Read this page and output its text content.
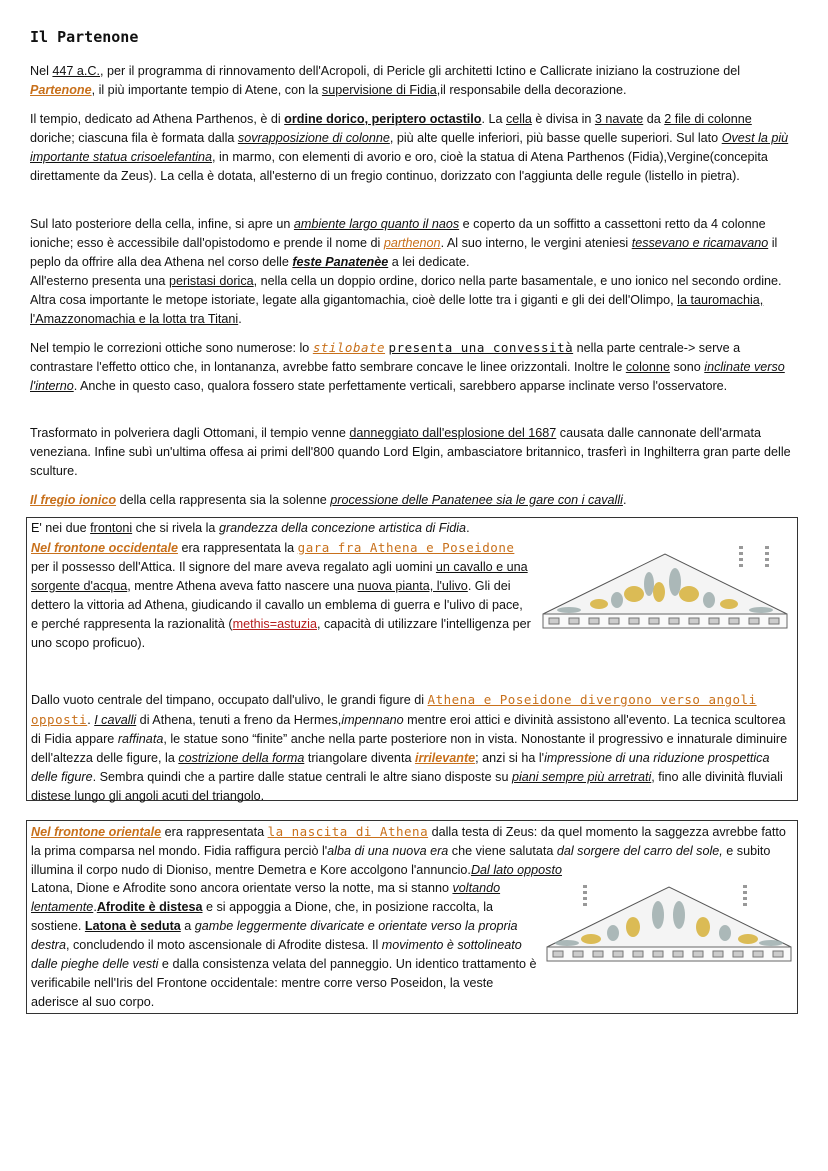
Il Partenone

Nel 447 a.C., per il programma di rinnovamento dell'Acropoli, di Pericle gli architetti Ictino e Callicrate iniziano la costruzione del Partenone, il più importante tempio di Atene, con la supervisione di Fidia,il responsabile della decorazione.

Il tempio, dedicato ad Athena Parthenos, è di ordine dorico, periptero octastilo. La cella è divisa in 3 navate da 2 file di colonne doriche; ciascuna fila è formata dalla sovrapposizione di colonne, più alte quelle inferiori, più basse quelle superiori. Sul lato Ovest la più importante statua crisoelefantina, in marmo, con elementi di avorio e oro, cioè la statua di Atena Parthenos (Fidia),Vergine(concepita direttamente da Zeus). La cella è dotata, all'esterno di un fregio continuo, dorizzato con l'aggiunta delle regule (listello in pietra).

Sul lato posteriore della cella, infine, si apre un ambiente largo quanto il naos e coperto da un soffitto a cassettoni retto da 4 colonne ioniche; esso è accessibile dall'opistodomo e prende il nome di parthenon. Al suo interno, le vergini ateniesi tessevano e ricamavano il peplo da offrire alla dea Athena nel corso delle feste Panatenèe a lei dedicate.
All'esterno presenta una peristasi dorica, nella cella un doppio ordine, dorico nella parte basamentale, e uno ionico nel secondo ordine. Altra cosa importante le metope istoriate, legate alla gigantomachia, cioè delle lotte tra i giganti e gli dei dell'Olimpo, la tauromachia, l'Amazzonomachia e la lotta tra Titani.

Nel tempio le correzioni ottiche sono numerose: lo stilobate presenta una convessità nella parte centrale-> serve a contrastare l'effetto ottico che, in lontananza, avrebbe fatto sembrare concave le linee orizzontali. Inoltre le colonne sono inclinate verso l'interno. Anche in questo caso, qualora fossero state perfettamente verticali, sarebbero apparse inclinate verso l'osservatore.

Trasformato in polveriera dagli Ottomani, il tempio venne danneggiato dall'esplosione del 1687 causata dalle cannonate dell'armata veneziana. Infine subì un'ultima offesa ai primi dell'800 quando Lord Elgin, ambasciatore britannico, trasferì in Inghilterra gran parte delle sculture.

Il fregio ionico della cella rappresenta sia la solenne processione delle Panatenee sia le gare con i cavalli.

E' nei due frontoni che si rivela la grandezza della concezione artistica di Fidia.
Nel frontone occidentale era rappresentata la gara fra Athena e Poseidone per il possesso dell'Attica. Il signore del mare aveva regalato agli uomini un cavallo e una sorgente d'acqua, mentre Athena aveva fatto nascere una nuova pianta, l'ulivo. Gli dei dettero la vittoria ad Athena, giudicando il cavallo un emblema di guerra e l'ulivo di pace, e perché rappresenta la razionalità (methis=astuzia, capacità di utilizzare l'intelligenza per uno scopo proficuo).

Dallo vuoto centrale del timpano, occupato dall'ulivo, le grandi figure di Athena e Poseidone divergono verso angoli opposti. I cavalli di Athena, tenuti a freno da Hermes,impennano mentre eroi attici e divinità assistono all'evento. La tecnica scultorea di Fidia appare raffinata, le statue sono “finite” anche nella parte posteriore non in vista. Nonostante il progressivo e innaturale diminuire dell'altezza delle figure, la costrizione della forma triangolare diventa irrilevante; anzi si ha l'impressione di una riduzione prospettica delle figure. Sembra quindi che a partire dalle statue centrali le altre siano disposte su piani sempre più arretrati, fino alle divinità fluviali distese lungo gli angoli acuti del triangolo.

Nel frontone orientale era rappresentata la nascita di Athena dalla testa di Zeus: da quel momento la saggezza avrebbe fatto la prima comparsa nel mondo. Fidia raffigura perciò l'alba di una nuova era che viene salutata dal sorgere del carro del sole, e subito illumina il corpo nudo di Dioniso, mentre Demetra e Kore accolgono l'annuncio.Dal lato opposto

Latona, Dione e Afrodite sono ancora orientate verso la notte, ma si stanno voltando lentamente.Afrodite è distesa e si appoggia a Dione, che, in posizione raccolta, la sostiene. Latona è seduta a gambe leggermente divaricate e orientate verso la propria destra, concludendo il moto ascensionale di Afrodite distesa. Il movimento è sottolineato dalle pieghe delle vesti e dalla consistenza velata del panneggio. Un identico trattamento è verificabile nell'Iris del Frontone occidentale: mentre corre verso Poseidon, la veste aderisce al suo corpo.
